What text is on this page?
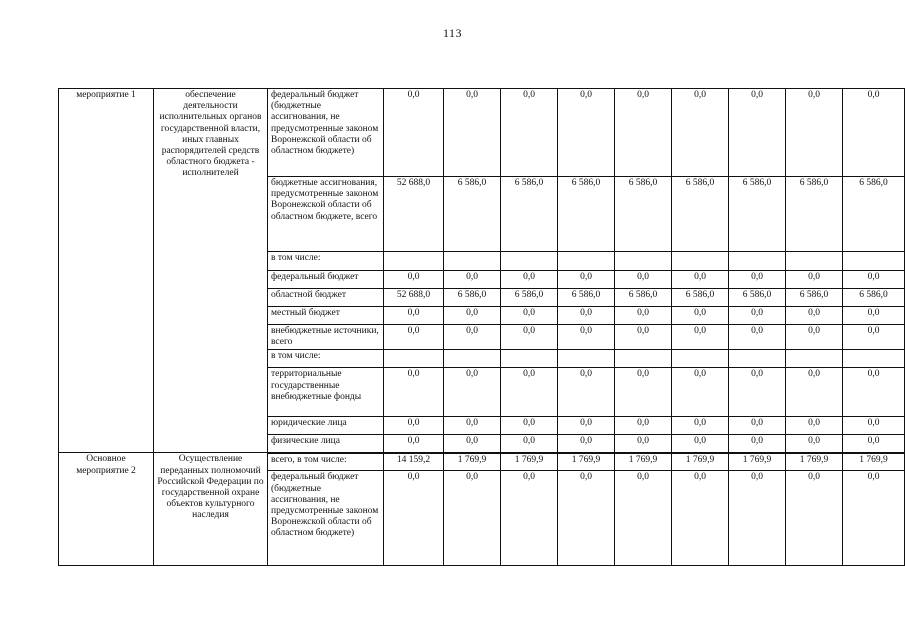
113
мероприятие 1	обеспечение деятельности исполнительных органов государственной власти, иных главных распорядителей средств областного бюджета - исполнителей	федеральный бюджет (бюджетные ассигнования, не предусмотренные законом Воронежской области об областном бюджете)	0,0	0,0	0,0	0,0	0,0	0,0	0,0	0,0	0,0
		бюджетные ассигнования, предусмотренные законом Воронежской области об областном бюджете, всего	52 688,0	6 586,0	6 586,0	6 586,0	6 586,0	6 586,0	6 586,0	6 586,0	6 586,0
		в том числе:									
		федеральный бюджет	0,0	0,0	0,0	0,0	0,0	0,0	0,0	0,0	0,0
		областной бюджет	52 688,0	6 586,0	6 586,0	6 586,0	6 586,0	6 586,0	6 586,0	6 586,0	6 586,0
		местный бюджет	0,0	0,0	0,0	0,0	0,0	0,0	0,0	0,0	0,0
		внебюджетные источники, всего	0,0	0,0	0,0	0,0	0,0	0,0	0,0	0,0	0,0
		в том числе:									
		территориальные государственные внебюджетные фонды	0,0	0,0	0,0	0,0	0,0	0,0	0,0	0,0	0,0
		юридические лица	0,0	0,0	0,0	0,0	0,0	0,0	0,0	0,0	0,0
		физические лица	0,0	0,0	0,0	0,0	0,0	0,0	0,0	0,0	0,0
Основное мероприятие 2	Осуществление переданных полномочий Российской Федерации по государственной охране объектов культурного наследия	всего, в том числе:	14 159,2	1 769,9	1 769,9	1 769,9	1 769,9	1 769,9	1 769,9	1 769,9	1 769,9
		федеральный бюджет (бюджетные ассигнования, не предусмотренные законом Воронежской области об областном бюджете)	0,0	0,0	0,0	0,0	0,0	0,0	0,0	0,0	0,0
